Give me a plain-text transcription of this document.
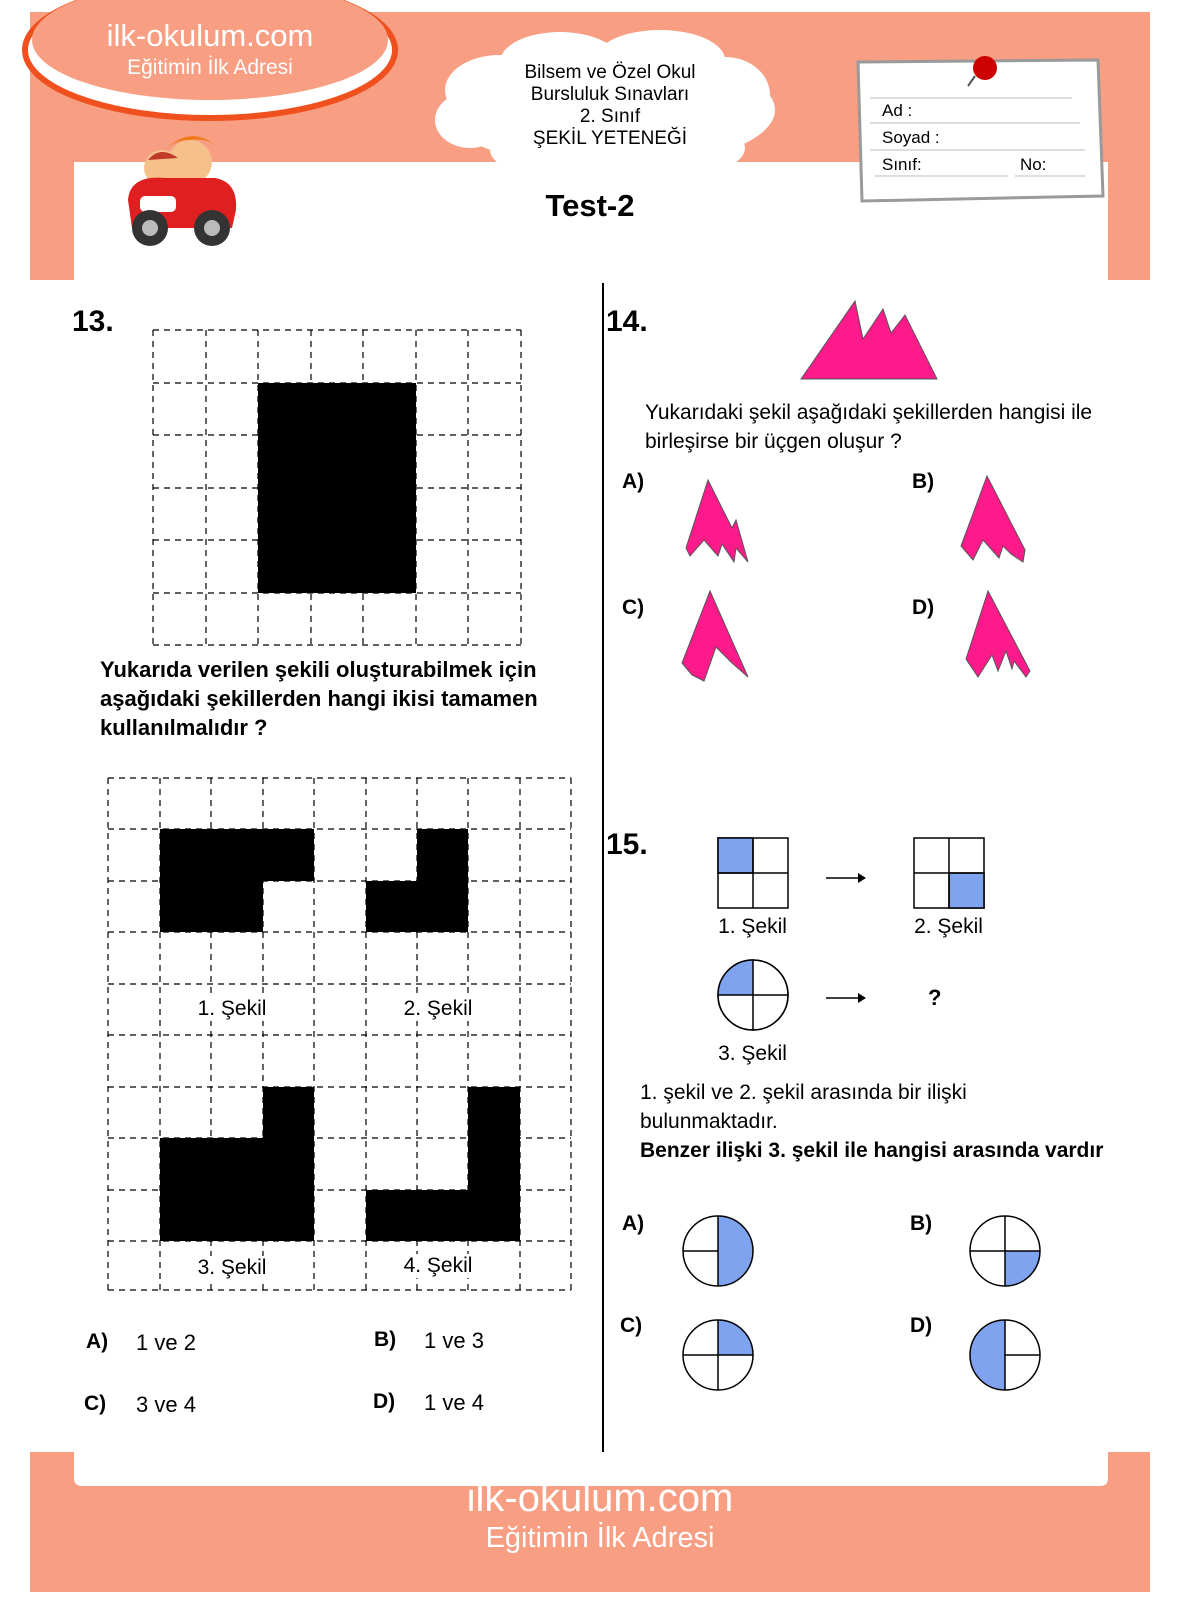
ilk-okulum.com
Eğitimin İlk Adresi	Bilsem ve Özel Okul
Bursluluk Sınavları
2. Sınıf
ŞEKİL YETENEĞİ
Test-2
Ad :
Soyad :
Sınıf:	No:
13.
Yukarıda verilen şekili oluşturabilmek için aşağıdaki şekillerden hangi ikisi tamamen kullanılmalıdır ?
1. Şekil	2. Şekil
3. Şekil	4. Şekil
A) 1 ve 2	B) 1 ve 3
C) 3 ve 4	D) 1 ve 4
14.
Yukarıdaki şekil aşağıdaki şekillerden hangisi ile birleşirse bir üçgen oluşur ?
A)	B)
C)	D)
15.
1. Şekil	2. Şekil
3. Şekil
?
1. şekil ve 2. şekil arasında bir ilişki bulunmaktadır.
Benzer ilişki 3. şekil ile hangisi arasında vardır
A)	B)
C)	D)
ilk-okulum.com
Eğitimin İlk Adresi
